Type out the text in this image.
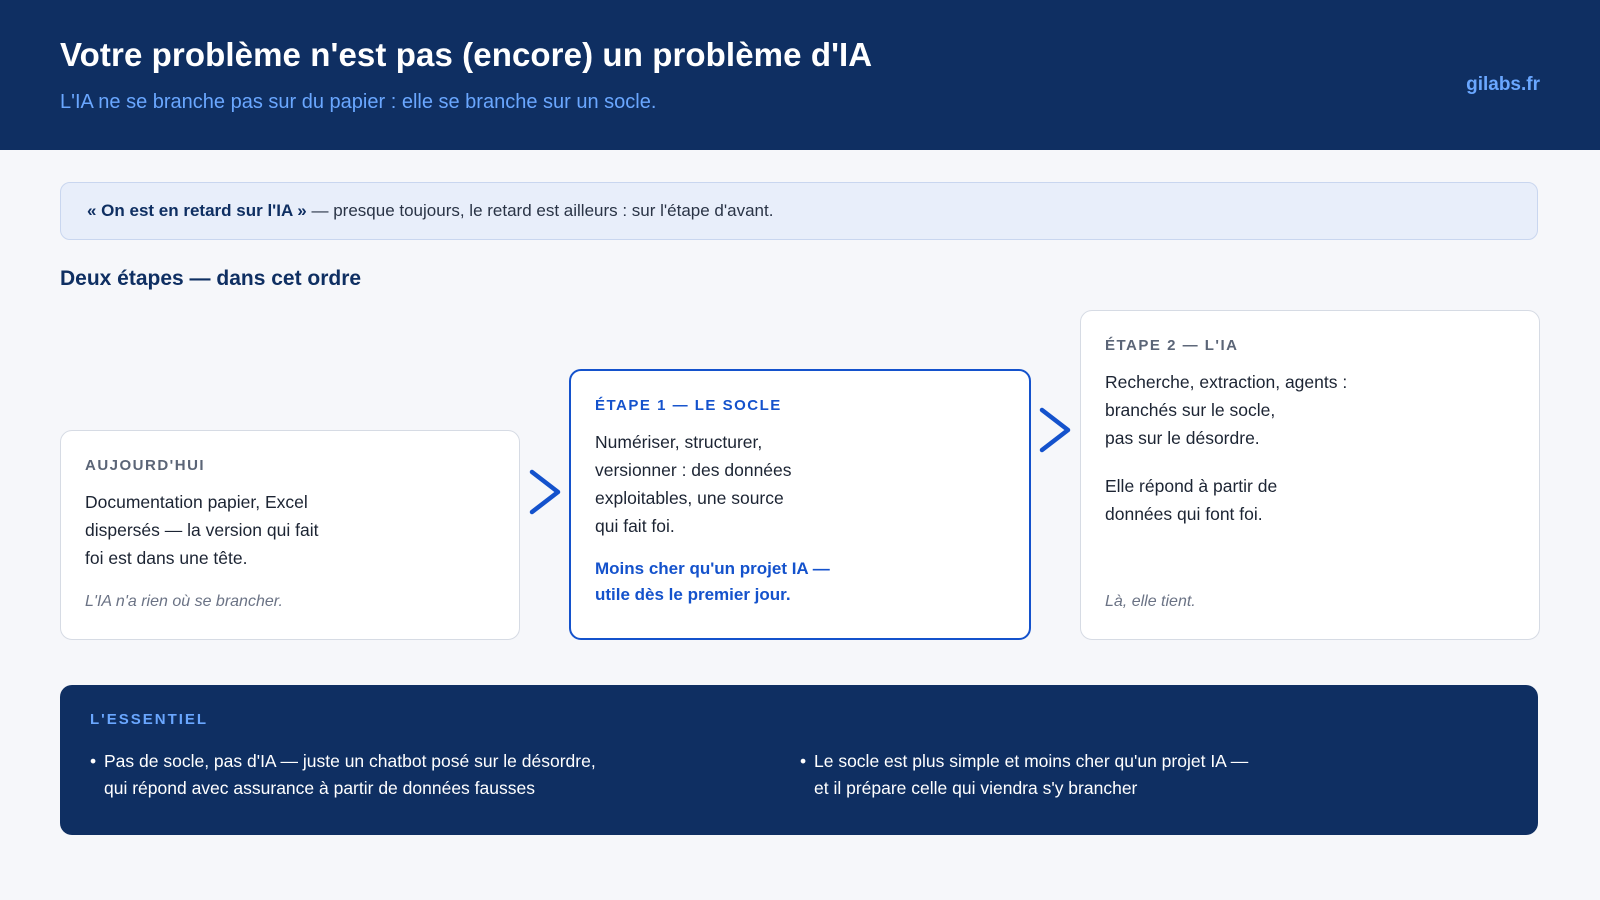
Votre problème n'est pas (encore) un problème d'IA
L'IA ne se branche pas sur du papier : elle se branche sur un socle.
gilabs.fr
« On est en retard sur l'IA » — presque toujours, le retard est ailleurs : sur l'étape d'avant.
Deux étapes — dans cet ordre
AUJOURD'HUI

Documentation papier, Excel
dispersés — la version qui fait
foi est dans une tête.

L'IA n'a rien où se brancher.
ÉTAPE 1 — LE SOCLE

Numériser, structurer,
versionner : des données
exploitables, une source
qui fait foi.

Moins cher qu'un projet IA —
utile dès le premier jour.
ÉTAPE 2 — L'IA

Recherche, extraction, agents :
branchés sur le socle,
pas sur le désordre.

Elle répond à partir de
données qui font foi.

Là, elle tient.
L'ESSENTIEL
• Pas de socle, pas d'IA — juste un chatbot posé sur le désordre,
qui répond avec assurance à partir de données fausses
• Le socle est plus simple et moins cher qu'un projet IA —
et il prépare celle qui viendra s'y brancher
